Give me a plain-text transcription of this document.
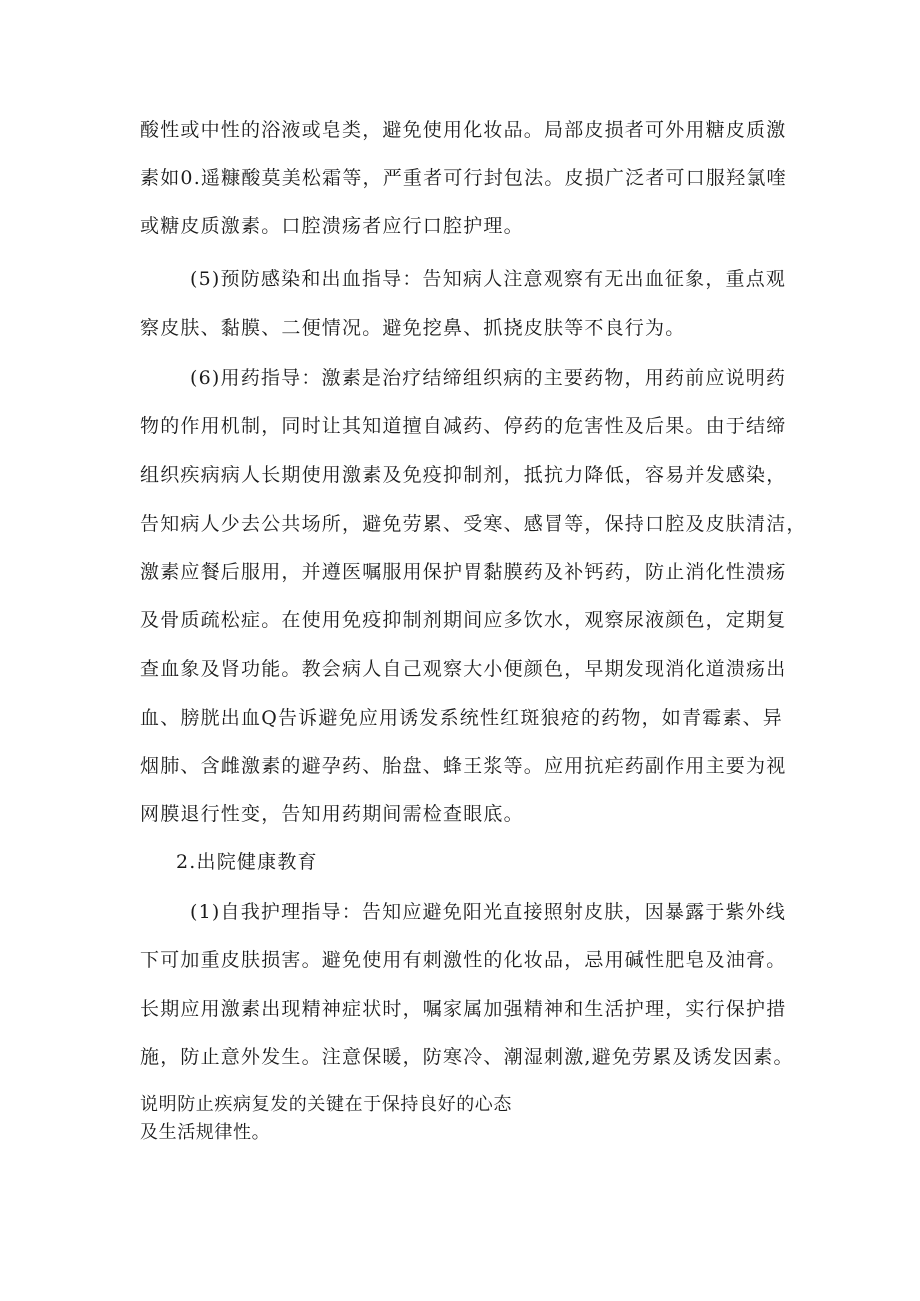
酸性或中性的浴液或皂类，避免使用化妆品。局部皮损者可外用糖皮质激
素如0.遥糠酸莫美松霜等，严重者可行封包法。皮损广泛者可口服羟氯喹
或糖皮质激素。口腔溃疡者应行口腔护理。
(5)预防感染和出血指导：告知病人注意观察有无出血征象，重点观
察皮肤、黏膜、二便情况。避免挖鼻、抓挠皮肤等不良行为。
(6)用药指导：激素是治疗结缔组织病的主要药物，用药前应说明药
物的作用机制，同时让其知道擅自减药、停药的危害性及后果。由于结缔
组织疾病病人长期使用激素及免疫抑制剂，抵抗力降低，容易并发感染，
告知病人少去公共场所，避免劳累、受寒、感冒等，保持口腔及皮肤清洁，
激素应餐后服用，并遵医嘱服用保护胃黏膜药及补钙药，防止消化性溃疡
及骨质疏松症。在使用免疫抑制剂期间应多饮水，观察尿液颜色，定期复
查血象及肾功能。教会病人自己观察大小便颜色，早期发现消化道溃疡出
血、膀胱出血Q告诉避免应用诱发系统性红斑狼疮的药物，如青霉素、异
烟肺、含雌激素的避孕药、胎盘、蜂王浆等。应用抗疟药副作用主要为视
网膜退行性变，告知用药期间需检查眼底。
2.出院健康教育
(1)自我护理指导：告知应避免阳光直接照射皮肤，因暴露于紫外线
下可加重皮肤损害。避免使用有刺激性的化妆品，忌用碱性肥皂及油膏。
长期应用激素出现精神症状时，嘱家属加强精神和生活护理，实行保护措
施，防止意外发生。注意保暖，防寒冷、潮湿刺激,避免劳累及诱发因素。
说明防止疾病复发的关键在于保持良好的心态
及生活规律性。
